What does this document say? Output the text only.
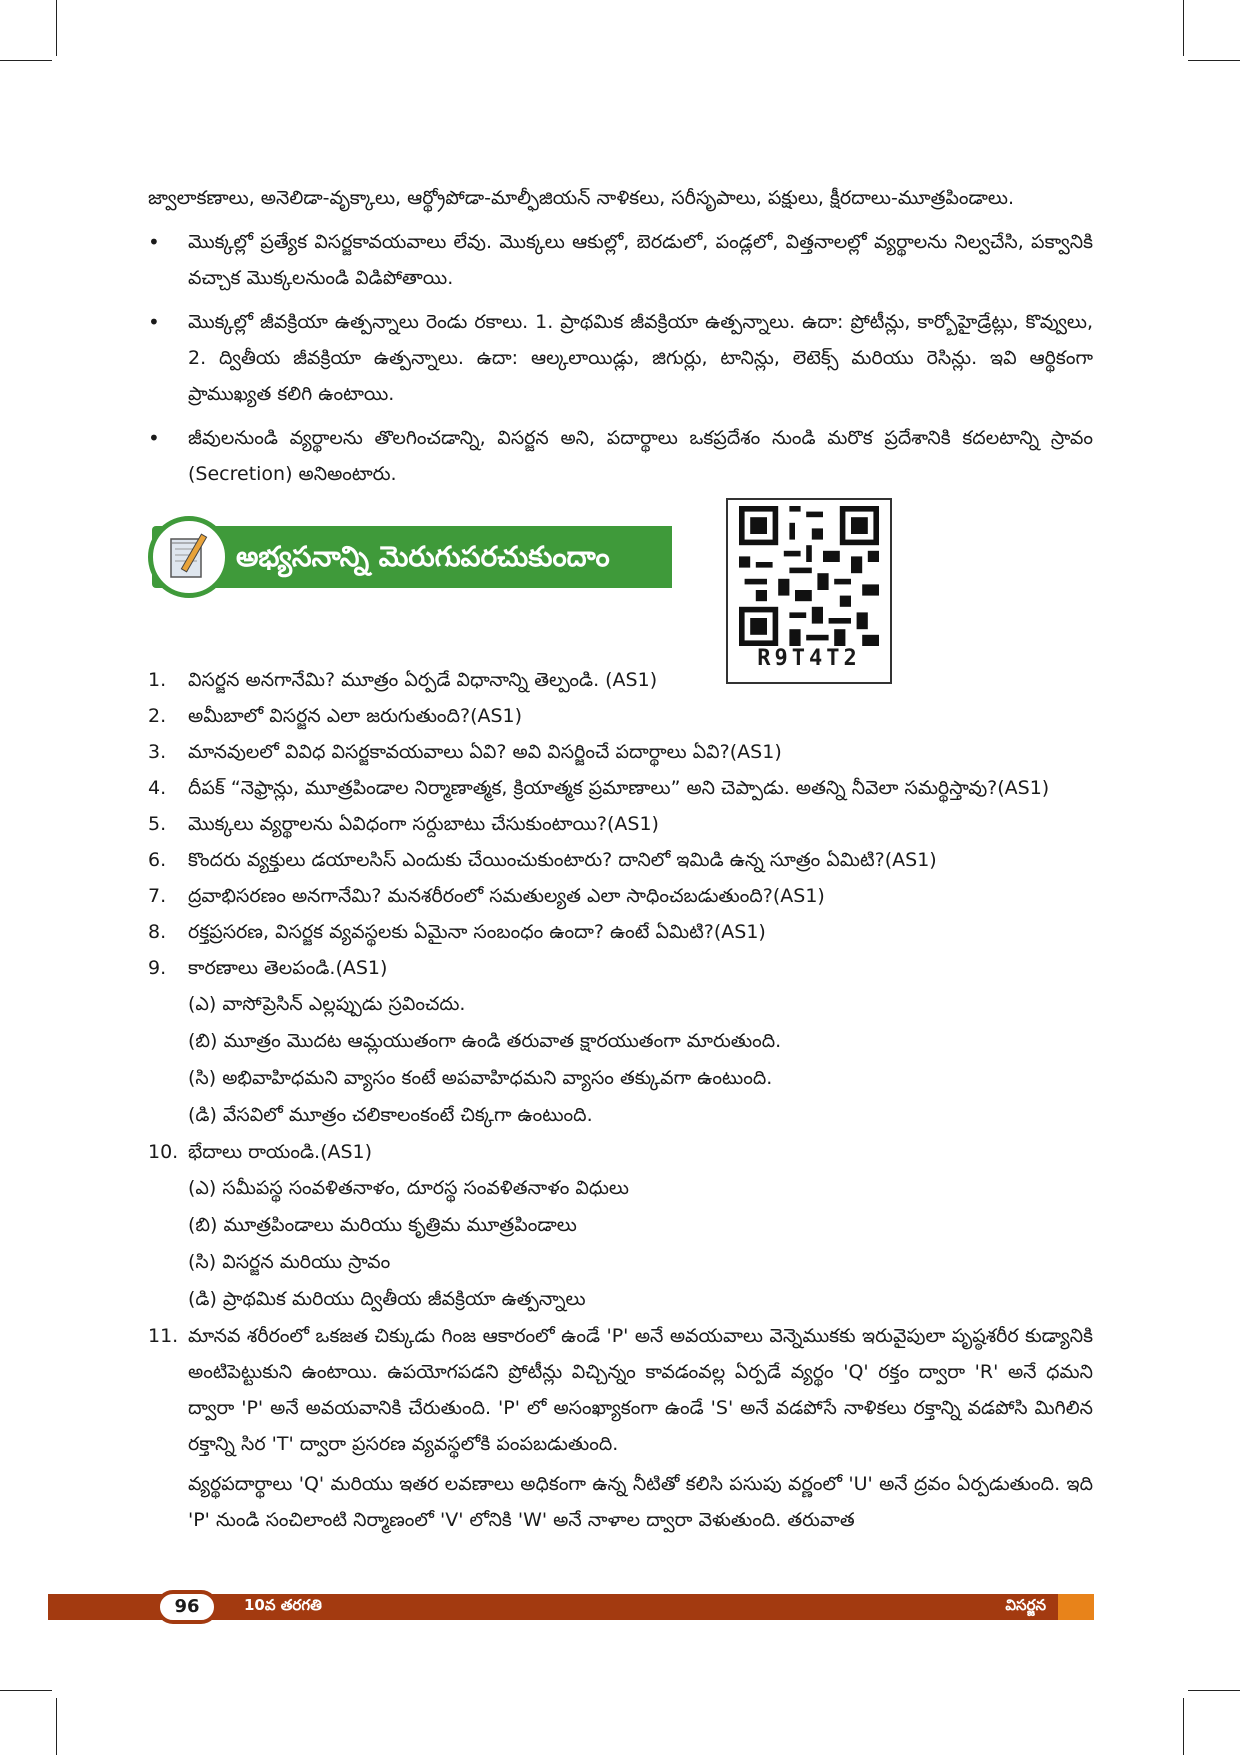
జ్వాలాకణాలు, అనెలిడా-వృక్కాలు, ఆర్థ్రోపోడా-మాల్ఫీజియన్ నాళికలు, సరీసృపాలు, పక్షులు, క్షీరదాలు-మూత్రపిండాలు.

• మొక్కల్లో ప్రత్యేక విసర్జకావయవాలు లేవు. మొక్కలు ఆకుల్లో, బెరడులో, పండ్లలో, విత్తనాలల్లో వ్యర్థాలను నిల్వచేసి, పక్వానికి వచ్చాక మొక్కలనుండి విడిపోతాయి.
• మొక్కల్లో జీవక్రియా ఉత్పన్నాలు రెండు రకాలు. 1. ప్రాథమిక జీవక్రియా ఉత్పన్నాలు. ఉదా: ప్రోటీన్లు, కార్బోహైడ్రేట్లు, కొవ్వులు, 2. ద్వితీయ జీవక్రియా ఉత్పన్నాలు. ఉదా: ఆల్కలాయిడ్లు, జిగుర్లు, టానిన్లు, లెటెక్స్ మరియు రెసిన్లు. ఇవి ఆర్థికంగా ప్రాముఖ్యత కలిగి ఉంటాయి.
• జీవులనుండి వ్యర్థాలను తొలగించడాన్ని, విసర్జన అని, పదార్థాలు ఒకప్రదేశం నుండి మరొక ప్రదేశానికి కదలటాన్ని స్రావం (Secretion) అనిఅంటారు.
అభ్యసనాన్ని మెరుగుపరచుకుందాం
R9T4T2
1.	విసర్జన అనగానేమి? మూత్రం ఏర్పడే విధానాన్ని తెల్పండి. (AS1)
2.	అమీబాలో విసర్జన ఎలా జరుగుతుంది?(AS1)
3.	మానవులలో వివిధ విసర్జకావయవాలు ఏవి? అవి విసర్జించే పదార్థాలు ఏవి?(AS1)
4.	దీపక్ “నెఫ్రాన్లు, మూత్రపిండాల నిర్మాణాత్మక, క్రియాత్మక ప్రమాణాలు” అని చెప్పాడు. అతన్ని నీవెలా సమర్థిస్తావు?(AS1)
5.	మొక్కలు వ్యర్థాలను ఏవిధంగా సర్దుబాటు చేసుకుంటాయి?(AS1)
6.	కొందరు వ్యక్తులు డయాలసిస్ ఎందుకు చేయించుకుంటారు? దానిలో ఇమిడి ఉన్న సూత్రం ఏమిటి?(AS1)
7.	ద్రవాభిసరణం అనగానేమి? మనశరీరంలో సమతుల్యత ఎలా సాధించబడుతుంది?(AS1)
8.	రక్తప్రసరణ, విసర్జక వ్యవస్థలకు ఏమైనా సంబంధం ఉందా? ఉంటే ఏమిటి?(AS1)
9.	కారణాలు తెలపండి.(AS1)
(ఎ) వాసోప్రెసిన్ ఎల్లప్పుడు స్రవించదు.
(బి) మూత్రం మొదట ఆమ్లయుతంగా ఉండి తరువాత క్షారయుతంగా మారుతుంది.
(సి) అభివాహిధమని వ్యాసం కంటే అపవాహిధమని వ్యాసం తక్కువగా ఉంటుంది.
(డి) వేసవిలో మూత్రం చలికాలంకంటే చిక్కగా ఉంటుంది.
10. భేదాలు రాయండి.(AS1)
(ఎ) సమీపస్థ సంవళితనాళం, దూరస్థ సంవళితనాళం విధులు
(బి) మూత్రపిండాలు మరియు కృత్రిమ మూత్రపిండాలు
(సి) విసర్జన మరియు స్రావం
(డి) ప్రాథమిక మరియు ద్వితీయ జీవక్రియా ఉత్పన్నాలు
11. మానవ శరీరంలో ఒకజత చిక్కుడు గింజ ఆకారంలో ఉండే 'P' అనే అవయవాలు వెన్నెముకకు ఇరువైపులా పృష్ఠశరీర కుడ్యానికి అంటిపెట్టుకుని ఉంటాయి. ఉపయోగపడని ప్రోటీన్లు విచ్చిన్నం కావడంవల్ల ఏర్పడే వ్యర్థం 'Q' రక్తం ద్వారా 'R' అనే ధమని ద్వారా 'P' అనే అవయవానికి చేరుతుంది. 'P' లో అసంఖ్యాకంగా ఉండే 'S' అనే వడపోసే నాళికలు రక్తాన్ని వడపోసి మిగిలిన రక్తాన్ని సిర 'T' ద్వారా ప్రసరణ వ్యవస్థలోకి పంపబడుతుంది.
వ్యర్థపదార్థాలు 'Q' మరియు ఇతర లవణాలు అధికంగా ఉన్న నీటితో కలిసి పసుపు వర్ణంలో 'U' అనే ద్రవం ఏర్పడుతుంది. ఇది 'P' నుండి సంచిలాంటి నిర్మాణంలో 'V' లోనికి 'W' అనే నాళాల ద్వారా వెళుతుంది. తరువాత
96	10వ తరగతి	విసర్జన
